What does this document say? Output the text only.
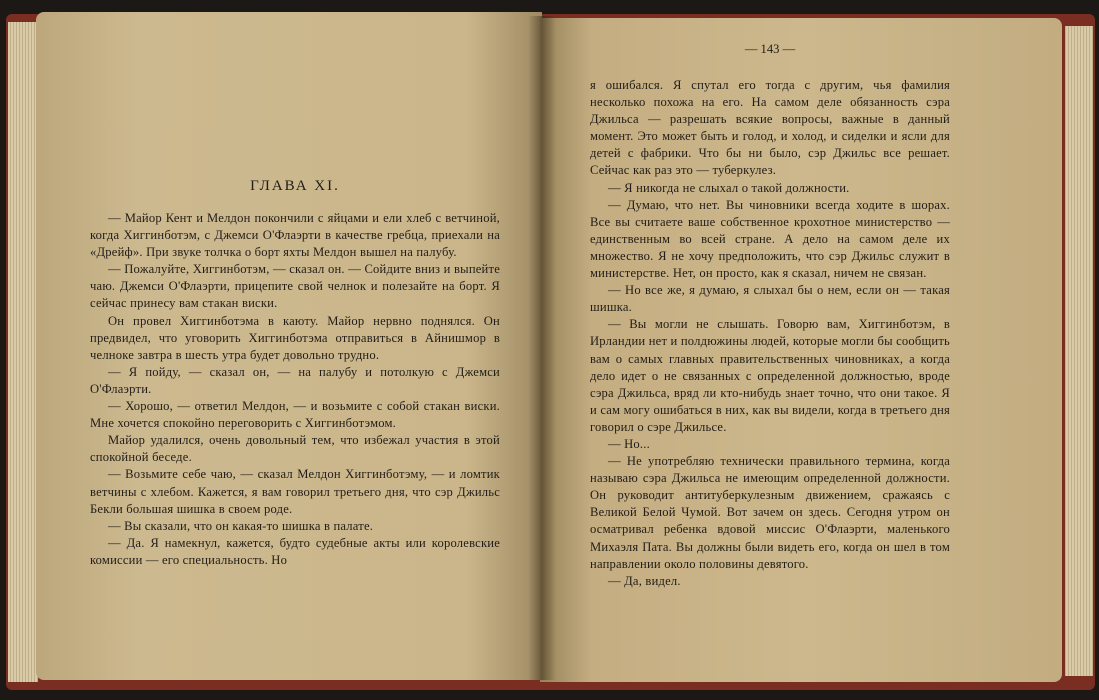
ГЛАВА XI.

— Майор Кент и Мелдон покончили с яйцами и ели хлеб с ветчиной, когда Хиггинботэм, с Джемси О'Флаэрти в качестве гребца, приехали на «Дрейф». При звуке толчка о борт яхты Мелдон вышел на палубу.

— Пожалуйте, Хиггинботэм, — сказал он. — Сойдите вниз и выпейте чаю. Джемси О'Флаэрти, прицепите свой челнок и полезайте на борт. Я сейчас принесу вам стакан виски.

Он провел Хиггинботэма в каюту. Майор нервно поднялся. Он предвидел, что уговорить Хиггинботэма отправиться в Айнишмор в челноке завтра в шесть утра будет довольно трудно.

— Я пойду, — сказал он, — на палубу и потолкую с Джемси О'Флаэрти.

— Хорошо, — ответил Мелдон, — и возьмите с собой стакан виски. Мне хочется спокойно переговорить с Хиггинботэмом.

Майор удалился, очень довольный тем, что избежал участия в этой спокойной беседе.

— Возьмите себе чаю, — сказал Мелдон Хиггинботэму, — и ломтик ветчины с хлебом. Кажется, я вам говорил третьего дня, что сэр Джильс Бекли большая шишка в своем роде.

— Вы сказали, что он какая-то шишка в палате.

— Да. Я намекнул, кажется, будто судебные акты или королевские комиссии — его специальность. Но

— 143 —

я ошибался. Я спутал его тогда с другим, чья фамилия несколько похожа на его. На самом деле обязанность сэра Джильса — разрешать всякие вопросы, важные в данный момент. Это может быть и голод, и холод, и сиделки и ясли для детей с фабрики. Что бы ни было, сэр Джильс все решает. Сейчас как раз это — туберкулез.

— Я никогда не слыхал о такой должности.

— Думаю, что нет. Вы чиновники всегда ходите в шорах. Все вы считаете ваше собственное крохотное министерство — единственным во всей стране. А дело на самом деле их множество. Я не хочу предположить, что сэр Джильс служит в министерстве. Нет, он просто, как я сказал, ничем не связан.

— Но все же, я думаю, я слыхал бы о нем, если он — такая шишка.

— Вы могли не слышать. Говорю вам, Хиггинботэм, в Ирландии нет и полдюжины людей, которые могли бы сообщить вам о самых главных правительственных чиновниках, а когда дело идет о не связанных с определенной должностью, вроде сэра Джильса, вряд ли кто-нибудь знает точно, что они такое. Я и сам могу ошибаться в них, как вы видели, когда в третьего дня говорил о сэре Джильсе.

— Но...

— Не употребляю технически правильного термина, когда называю сэра Джильса не имеющим определенной должности. Он руководит антитуберкулезным движением, сражаясь с Великой Белой Чумой. Вот зачем он здесь. Сегодня утром он осматривал ребенка вдовой миссис О'Флаэрти, маленького Михаэля Пата. Вы должны были видеть его, когда он шел в том направлении около половины девятого.

— Да, видел.
